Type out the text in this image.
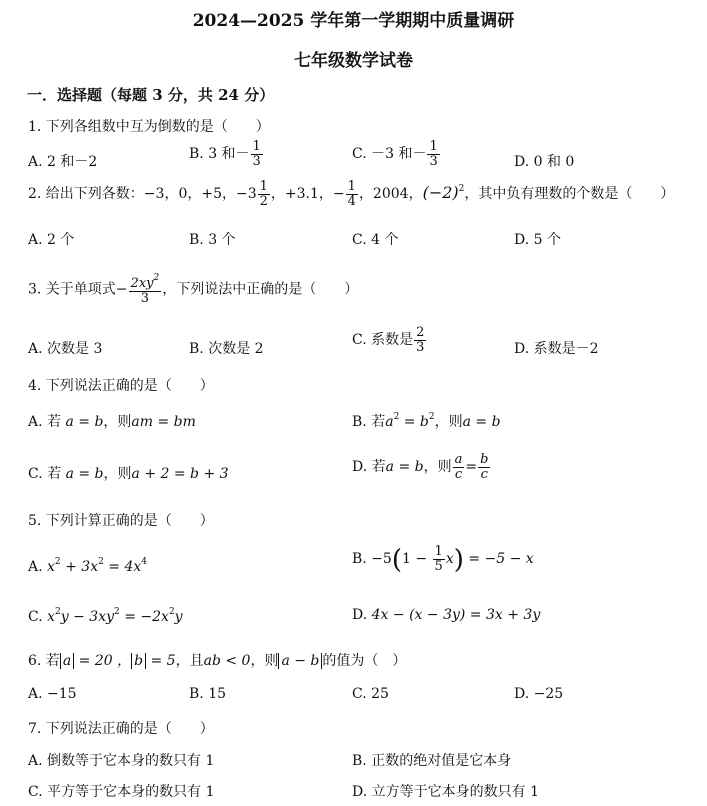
2024—2025 学年第一学期期中质量调研
七年级数学试卷
一．选择题（每题 3 分，共 24 分）
1. 下列各组数中互为倒数的是（　　）
A. 2 和－2	B. 3 和－ $\frac{1}{3}$	C. －3 和－ $\frac{1}{3}$	D. 0 和 0
2. 给出下列各数：−3，0，+5，$-3 \frac{1}{2}$ ，+3.1，− $\frac{1}{4}$ ，2004，$(-2)^2$，其中负有理数的个数是（　　）
A. 2 个	B. 3 个	C. 4 个	D. 5 个
3. 关于单项式− $\frac{2xy^2}{3}$ ，下列说法中正确的是（　　）
A. 次数是 3	B. 次数是 2
C. 系数是 $\frac{2}{3}$	D. 系数是－2
4. 下列说法正确的是（　　）
A. 若 a = b，则am = bm	B. 若$a^2 = b^2$，则a = b
C. 若 a = b，则a + 2 = b + 3	D. 若a = b，则 $\frac{a}{c} = \frac{b}{c}$
5. 下列计算正确的是（　　）
A. $x^2 + 3x^2 = 4x^4$	B. $-5(1 - \frac{1}{5} x) = -5 - x$
C. $x^2y - 3xy^2 = -2x^2y$	D. 4x − (x − 3y) = 3x + 3y
6. 若 a = 20 ， b = 5，且ab < 0，则 a − b 的值为（　）
A. −15	B. 15	C. 25	D. −25
7. 下列说法正确的是（　　）
A. 倒数等于它本身的数只有 1	B. 正数的绝对值是它本身
C. 平方等于它本身的数只有 1	D. 立方等于它本身的数只有 1
